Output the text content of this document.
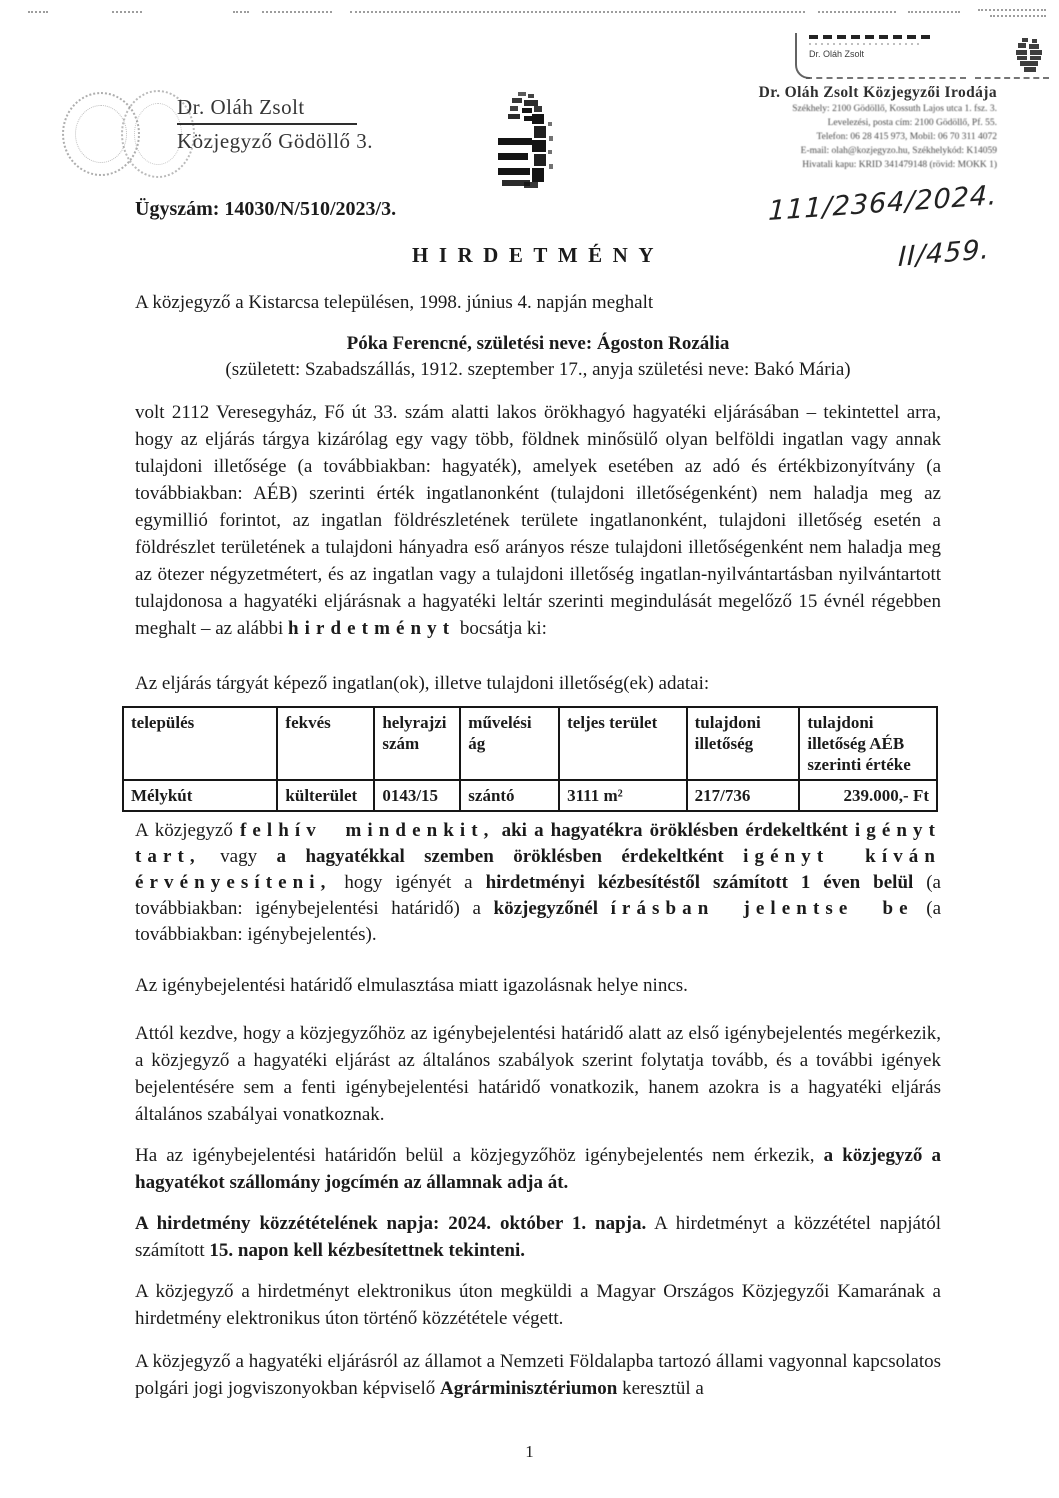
Dr. Oláh Zsolt
Dr. Oláh Zsolt
Közjegyző Gödöllő 3.
Dr. Oláh Zsolt Közjegyzői Irodája
Székhely: 2100 Gödöllő, Kossuth Lajos utca 1. fsz. 3.
Levelezési, posta cím: 2100 Gödöllő, Pf. 55.
Telefon: 06 28 415 973, Mobil: 06 70 311 4072
E-mail: olah@kozjegyzo.hu, Székhelykód: K14059
Hivatali kapu: KRID 341479148 (rövid: MOKK 1)
Ügyszám: 14030/N/510/2023/3.	111/2364/2024.
II/459.
HIRDETMÉNY
A közjegyző a Kistarcsa településen, 1998. június 4. napján meghalt
Póka Ferencné, születési neve: Ágoston Rozália
(született: Szabadszállás, 1912. szeptember 17., anyja születési neve: Bakó Mária)
volt 2112 Veresegyház, Fő út 33. szám alatti lakos örökhagyó hagyatéki eljárásában – tekintettel arra, hogy az eljárás tárgya kizárólag egy vagy több, földnek minősülő olyan belföldi ingatlan vagy annak tulajdoni illetősége (a továbbiakban: hagyaték), amelyek esetében az adó és értékbizonyítvány (a továbbiakban: AÉB) szerinti érték ingatlanonként (tulajdoni illetőségenként) nem haladja meg az egymillió forintot, az ingatlan földrészletének területe ingatlanonként, tulajdoni illetőség esetén a földrészlet területének a tulajdoni hányadra eső arányos része tulajdoni illetőségenként nem haladja meg az ötezer négyzetmétert, és az ingatlan vagy a tulajdoni illetőség ingatlan-nyilvántartásban nyilvántartott tulajdonosa a hagyatéki eljárásnak a hagyatéki leltár szerinti megindulását megelőző 15 évnél régebben meghalt – az alábbi hirdetményt bocsátja ki:
Az eljárás tárgyát képező ingatlan(ok), illetve tulajdoni illetőség(ek) adatai:
település	fekvés	helyrajzi szám	művelési ág	teljes terület	tulajdoni illetőség	tulajdoni illetőség AÉB szerinti értéke
Mélykút	külterület	0143/15	szántó	3111 m²	217/736	239.000,- Ft
A közjegyző felhív mindenkit, aki a hagyatékra öröklésben érdekeltként igényt tart, vagy a hagyatékkal szemben öröklésben érdekeltként igényt kíván érvényesíteni, hogy igényét a hirdetményi kézbesítéstől számított 1 éven belül (a továbbiakban: igénybejelentési határidő) a közjegyzőnél írásban jelentse be (a továbbiakban: igénybejelentés).
Az igénybejelentési határidő elmulasztása miatt igazolásnak helye nincs.
Attól kezdve, hogy a közjegyzőhöz az igénybejelentési határidő alatt az első igénybejelentés megérkezik, a közjegyző a hagyatéki eljárást az általános szabályok szerint folytatja tovább, és a további igények bejelentésére sem a fenti igénybejelentési határidő vonatkozik, hanem azokra is a hagyatéki eljárás általános szabályai vonatkoznak.
Ha az igénybejelentési határidőn belül a közjegyzőhöz igénybejelentés nem érkezik, a közjegyző a hagyatékot szállomány jogcímén az államnak adja át.
A hirdetmény közzétételének napja: 2024. október 1. napja. A hirdetményt a közzététel napjától számított 15. napon kell kézbesítettnek tekinteni.
A közjegyző a hirdetményt elektronikus úton megküldi a Magyar Országos Közjegyzői Kamarának a hirdetmény elektronikus úton történő közzététele végett.
A közjegyző a hagyatéki eljárásról az államot a Nemzeti Földalapba tartozó állami vagyonnal kapcsolatos polgári jogi jogviszonyokban képviselő Agrárminisztériumon keresztül a
1
